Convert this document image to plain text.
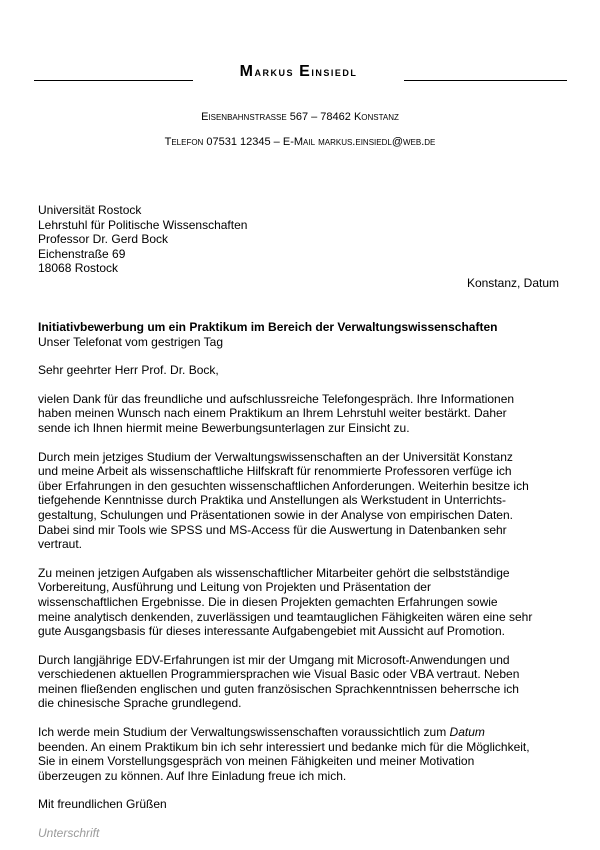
Markus Einsiedl
Eisenbahnstrasse 567 – 78462 Konstanz
Telefon 07531 12345 – E-Mail markus.einsiedl@web.de
Universität Rostock
Lehrstuhl für Politische Wissenschaften
Professor Dr. Gerd Bock
Eichenstraße 69
18068 Rostock
Konstanz, Datum
Initiativbewerbung um ein Praktikum im Bereich der Verwaltungswissenschaften
Unser Telefonat vom gestrigen Tag
Sehr geehrter Herr Prof. Dr. Bock,
vielen Dank für das freundliche und aufschlussreiche Telefongespräch. Ihre Informationen
haben meinen Wunsch nach einem Praktikum an Ihrem Lehrstuhl weiter bestärkt. Daher
sende ich Ihnen hiermit meine Bewerbungsunterlagen zur Einsicht zu.
Durch mein jetziges Studium der Verwaltungswissenschaften an der Universität Konstanz
und meine Arbeit als wissenschaftliche Hilfskraft für renommierte Professoren verfüge ich
über Erfahrungen in den gesuchten wissenschaftlichen Anforderungen. Weiterhin besitze ich
tiefgehende Kenntnisse durch Praktika und Anstellungen als Werkstudent in Unterrichts-
gestaltung, Schulungen und Präsentationen sowie in der Analyse von empirischen Daten.
Dabei sind mir Tools wie SPSS und MS-Access für die Auswertung in Datenbanken sehr
vertraut.
Zu meinen jetzigen Aufgaben als wissenschaftlicher Mitarbeiter gehört die selbstständige
Vorbereitung, Ausführung und Leitung von Projekten und Präsentation der
wissenschaftlichen Ergebnisse. Die in diesen Projekten gemachten Erfahrungen sowie
meine analytisch denkenden, zuverlässigen und teamtauglichen Fähigkeiten wären eine sehr
gute Ausgangsbasis für dieses interessante Aufgabengebiet mit Aussicht auf Promotion.
Durch langjährige EDV-Erfahrungen ist mir der Umgang mit Microsoft-Anwendungen und
verschiedenen aktuellen Programmiersprachen wie Visual Basic oder VBA vertraut. Neben
meinen fließenden englischen und guten französischen Sprachkenntnissen beherrsche ich
die chinesische Sprache grundlegend.
Ich werde mein Studium der Verwaltungswissenschaften voraussichtlich zum Datum
beenden. An einem Praktikum bin ich sehr interessiert und bedanke mich für die Möglichkeit,
Sie in einem Vorstellungsgespräch von meinen Fähigkeiten und meiner Motivation
überzeugen zu können. Auf Ihre Einladung freue ich mich.
Mit freundlichen Grüßen
Unterschrift
